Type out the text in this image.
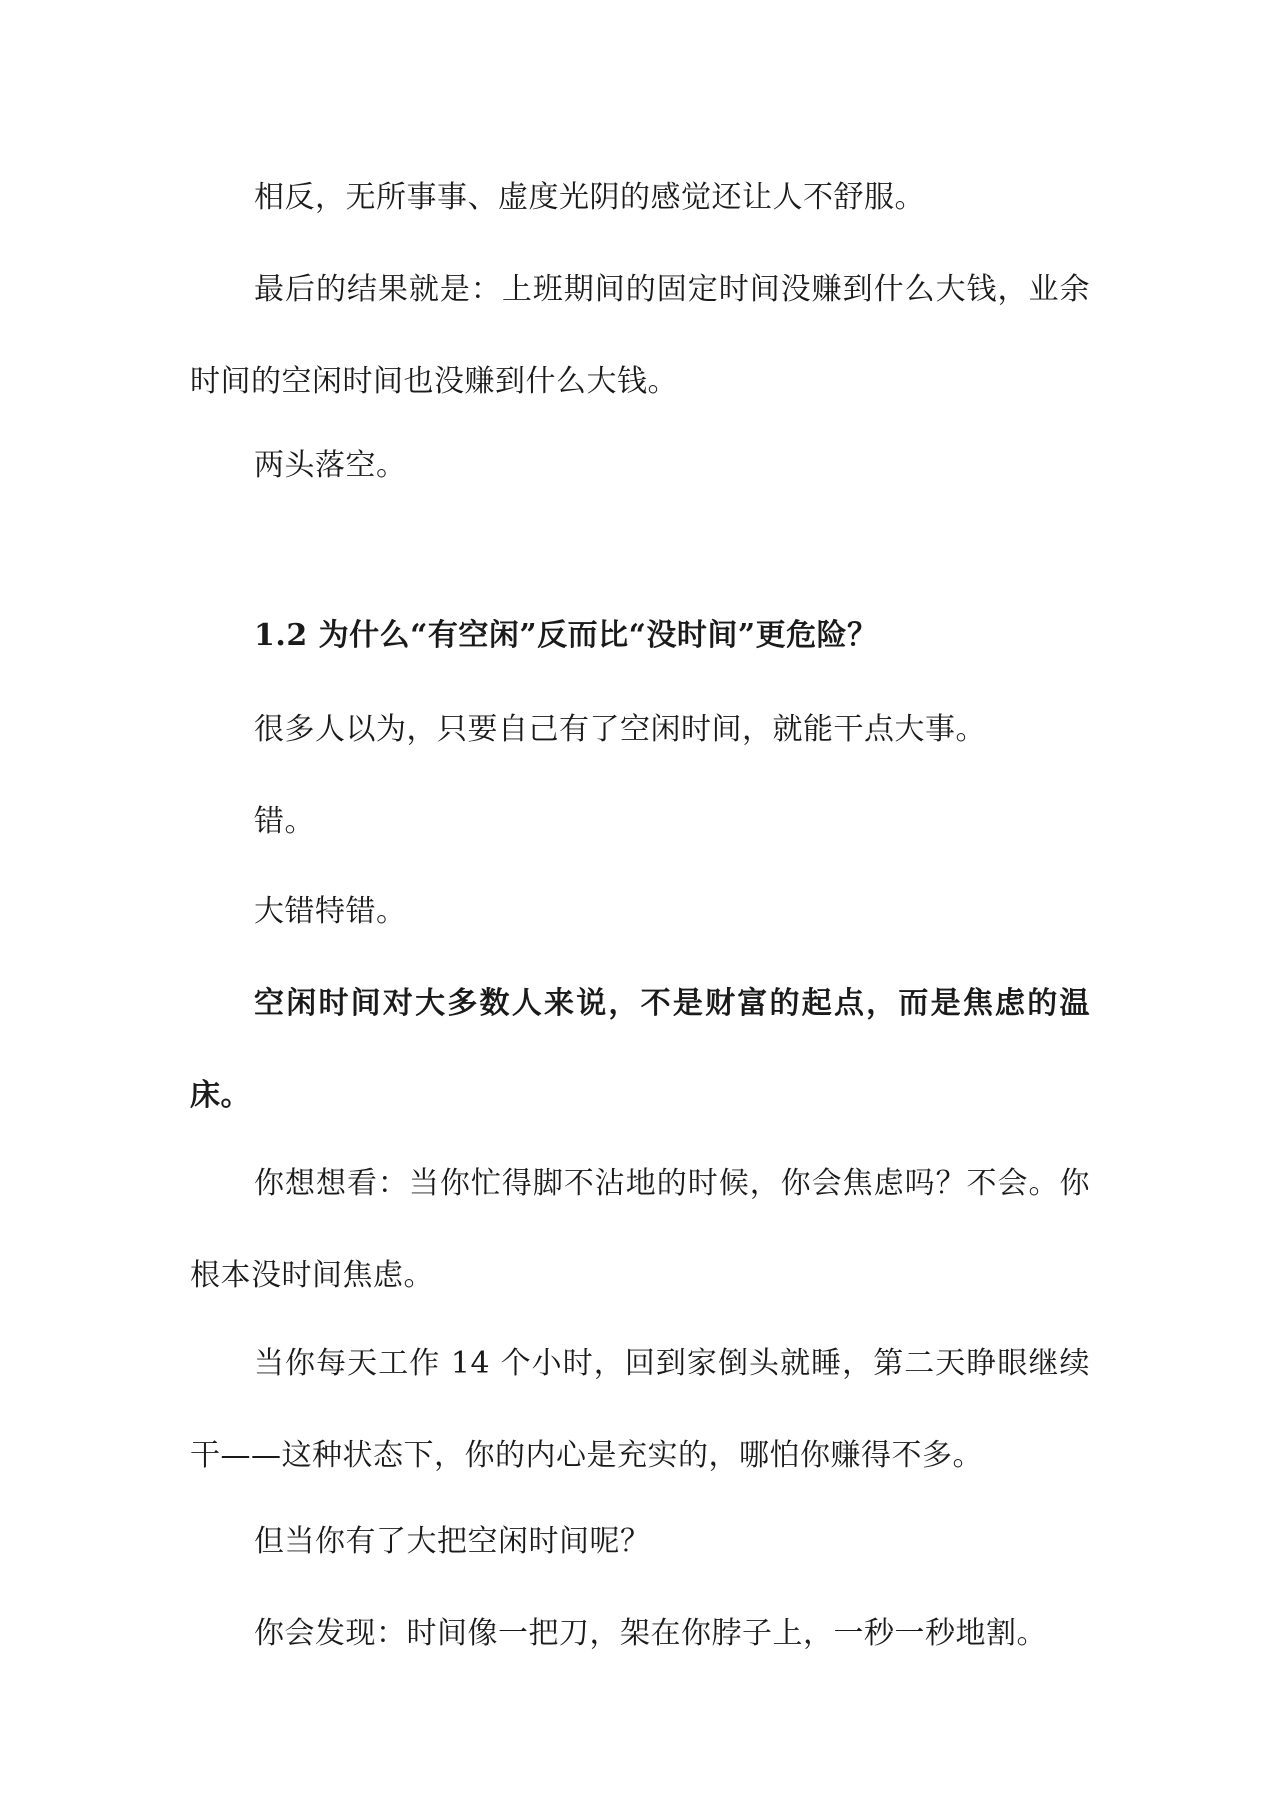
相反，无所事事、虚度光阴的感觉还让人不舒服。

最后的结果就是：上班期间的固定时间没赚到什么大钱，业余时间的空闲时间也没赚到什么大钱。

两头落空。

1.2 为什么“有空闲”反而比“没时间”更危险？

很多人以为，只要自己有了空闲时间，就能干点大事。

错。

大错特错。

空闲时间对大多数人来说，不是财富的起点，而是焦虑的温床。

你想想看：当你忙得脚不沾地的时候，你会焦虑吗？不会。你根本没时间焦虑。

当你每天工作 14 个小时，回到家倒头就睡，第二天睁眼继续干——这种状态下，你的内心是充实的，哪怕你赚得不多。

但当你有了大把空闲时间呢？

你会发现：时间像一把刀，架在你脖子上，一秒一秒地割。
